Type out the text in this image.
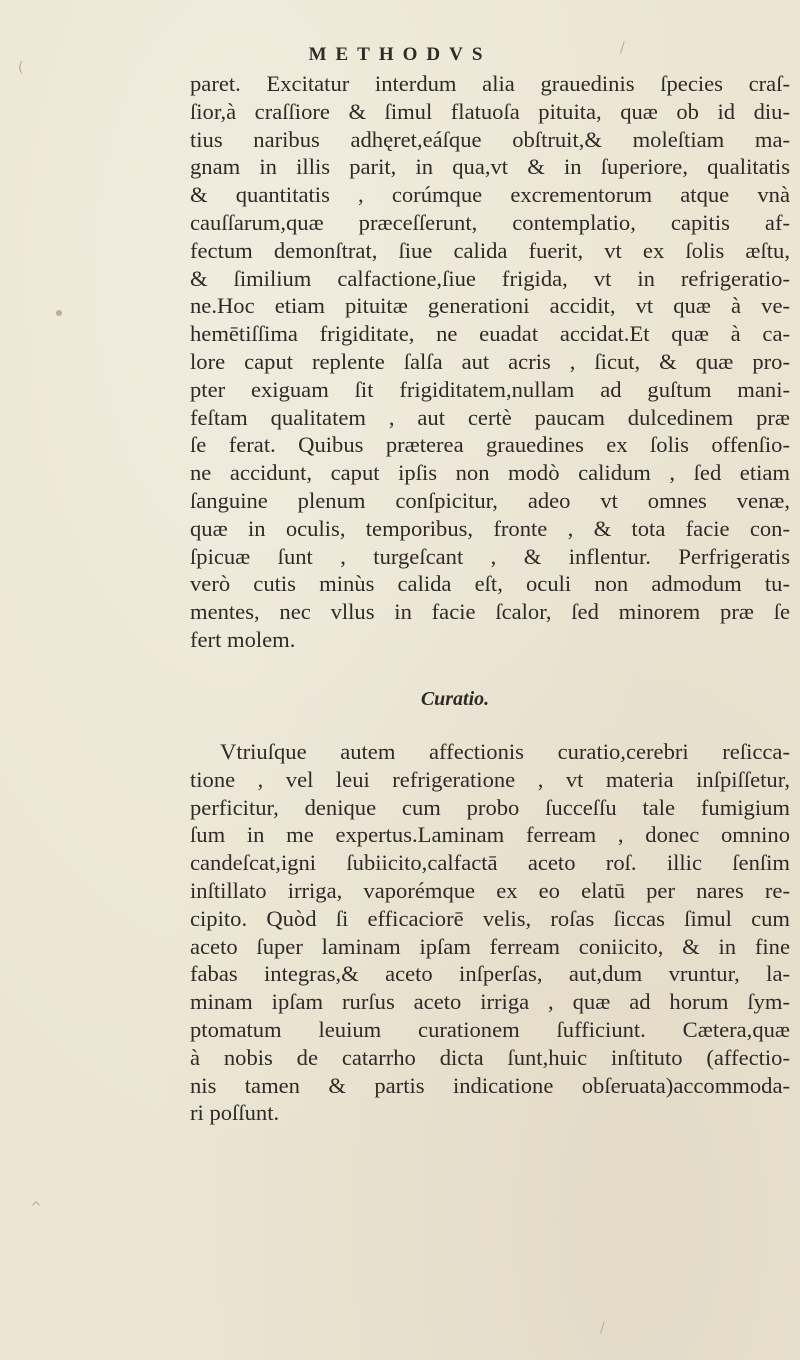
METHODVS
paret. Excitatur interdum alia grauedinis ſpecies craſ-
ſior,à craſſiore & ſimul flatuoſa pituita, quæ ob id diu-
tius naribus adhęret,eáſque obſtruit,& moleſtiam ma-
gnam in illis parit, in qua,vt & in ſuperiore, qualitatis
& quantitatis , corúmque excrementorum atque vnà
cauſſarum,quæ præceſſerunt, contemplatio, capitis af-
fectum demonſtrat, ſiue calida fuerit, vt ex ſolis æſtu,
& ſimilium calfactione,ſiue frigida, vt in refrigeratio-
ne.Hoc etiam pituitæ generationi accidit, vt quæ à ve-
hemētiſſima frigiditate, ne euadat accidat.Et quæ à ca-
lore caput replente ſalſa aut acris , ſicut, & quæ pro-
pter exiguam ſit frigiditatem,nullam ad guſtum mani-
feſtam qualitatem , aut certè paucam dulcedinem præ
ſe ferat. Quibus præterea grauedines ex ſolis offenſio-
ne accidunt, caput ipſis non modò calidum , ſed etiam
ſanguine plenum conſpicitur, adeo vt omnes venæ,
quæ in oculis, temporibus, fronte , & tota facie con-
ſpicuæ ſunt , turgeſcant , & inflentur. Perfrigeratis
verò cutis minùs calida eſt, oculi non admodum tu-
mentes, nec vllus in facie ſcalor, ſed minorem præ ſe
fert molem.
Curatio.
Vtriuſque autem affectionis curatio,cerebri reſicca-
tione , vel leui refrigeratione , vt materia inſpiſſetur,
perficitur, denique cum probo ſucceſſu tale fumigium
ſum in me expertus.Laminam ferream , donec omnino
candeſcat,igni ſubiicito,calfactā aceto roſ. illic ſenſim
inſtillato irriga, vaporémque ex eo elatū per nares re-
cipito. Quòd ſi efficaciorē velis, roſas ſiccas ſimul cum
aceto ſuper laminam ipſam ferream coniicito, & in fine
fabas integras,& aceto inſperſas, aut,dum vruntur, la-
minam ipſam rurſus aceto irriga , quæ ad horum ſym-
ptomatum leuium curationem ſufficiunt. Cætera,quæ
à nobis de catarrho dicta ſunt,huic inſtituto (affectio-
nis tamen & partis indicatione obſeruata)accommoda-
ri poſſunt.
(
/
^
/
